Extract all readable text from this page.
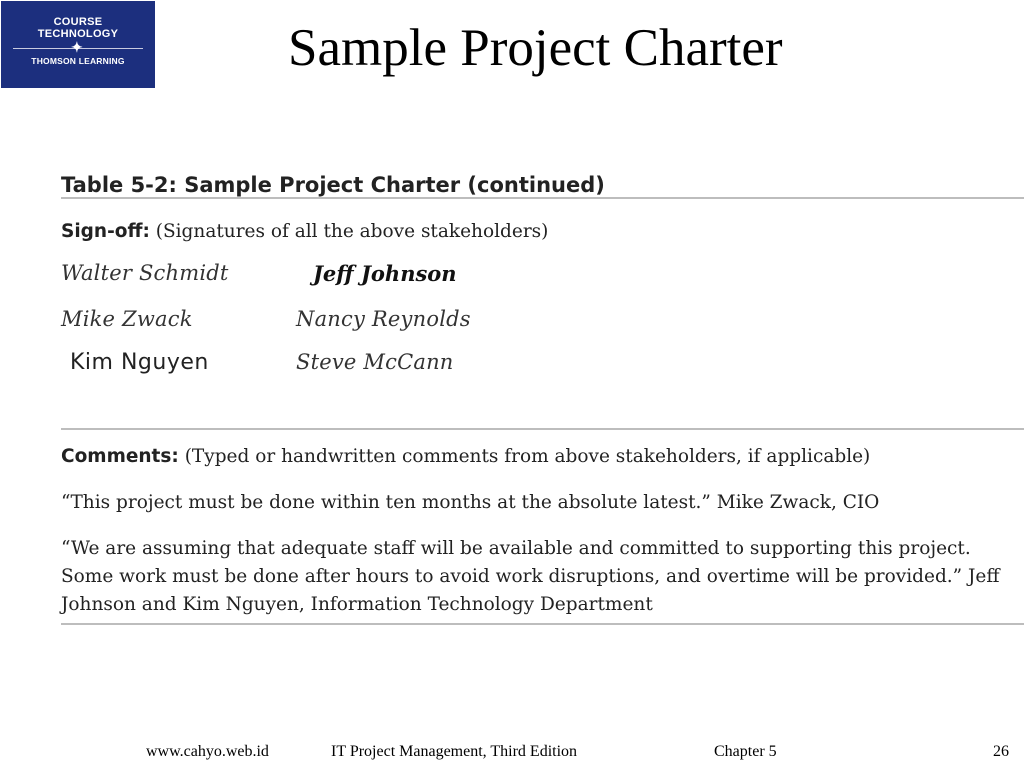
COURSE
TECHNOLOGY
✦
THOMSON LEARNING	Sample Project Charter
Table 5-2: Sample Project Charter (continued)
Sign-off: (Signatures of all the above stakeholders)
Walter Schmidt	Jeff Johnson
Mike Zwack	Nancy Reynolds
Kim Nguyen	Steve McCann
Comments: (Typed or handwritten comments from above stakeholders, if applicable)
“This project must be done within ten months at the absolute latest.” Mike Zwack, CIO
“We are assuming that adequate staff will be available and committed to supporting this project. Some work must be done after hours to avoid work disruptions, and overtime will be provided.” Jeff Johnson and Kim Nguyen, Information Technology Department
www.cahyo.web.id	IT Project Management, Third Edition	Chapter 5	26
